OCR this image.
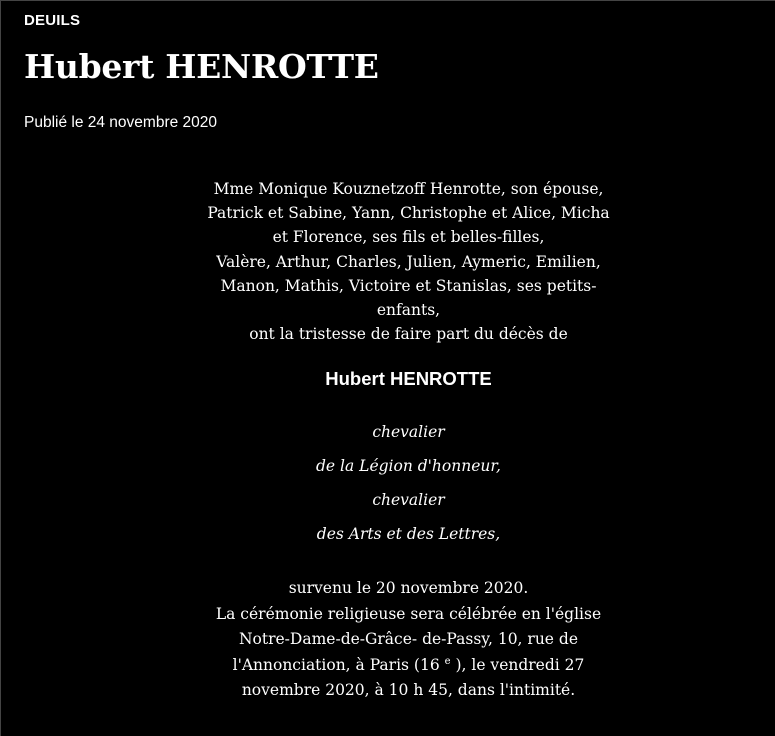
DEUILS
Hubert HENROTTE
Publié le 24 novembre 2020
Mme Monique Kouznetzoff Henrotte, son épouse,
Patrick et Sabine, Yann, Christophe et Alice, Micha
et Florence, ses fils et belles-filles,
Valère, Arthur, Charles, Julien, Aymeric, Emilien,
Manon, Mathis, Victoire et Stanislas, ses petits-
enfants,
ont la tristesse de faire part du décès de
Hubert HENROTTE
chevalier
de la Légion d'honneur,
chevalier
des Arts et des Lettres,
survenu le 20 novembre 2020.
La cérémonie religieuse sera célébrée en l'église
Notre-Dame-de-Grâce- de-Passy, 10, rue de
l'Annonciation, à Paris (16 $^e$ ), le vendredi 27
novembre 2020, à 10 h 45, dans l'intimité.
